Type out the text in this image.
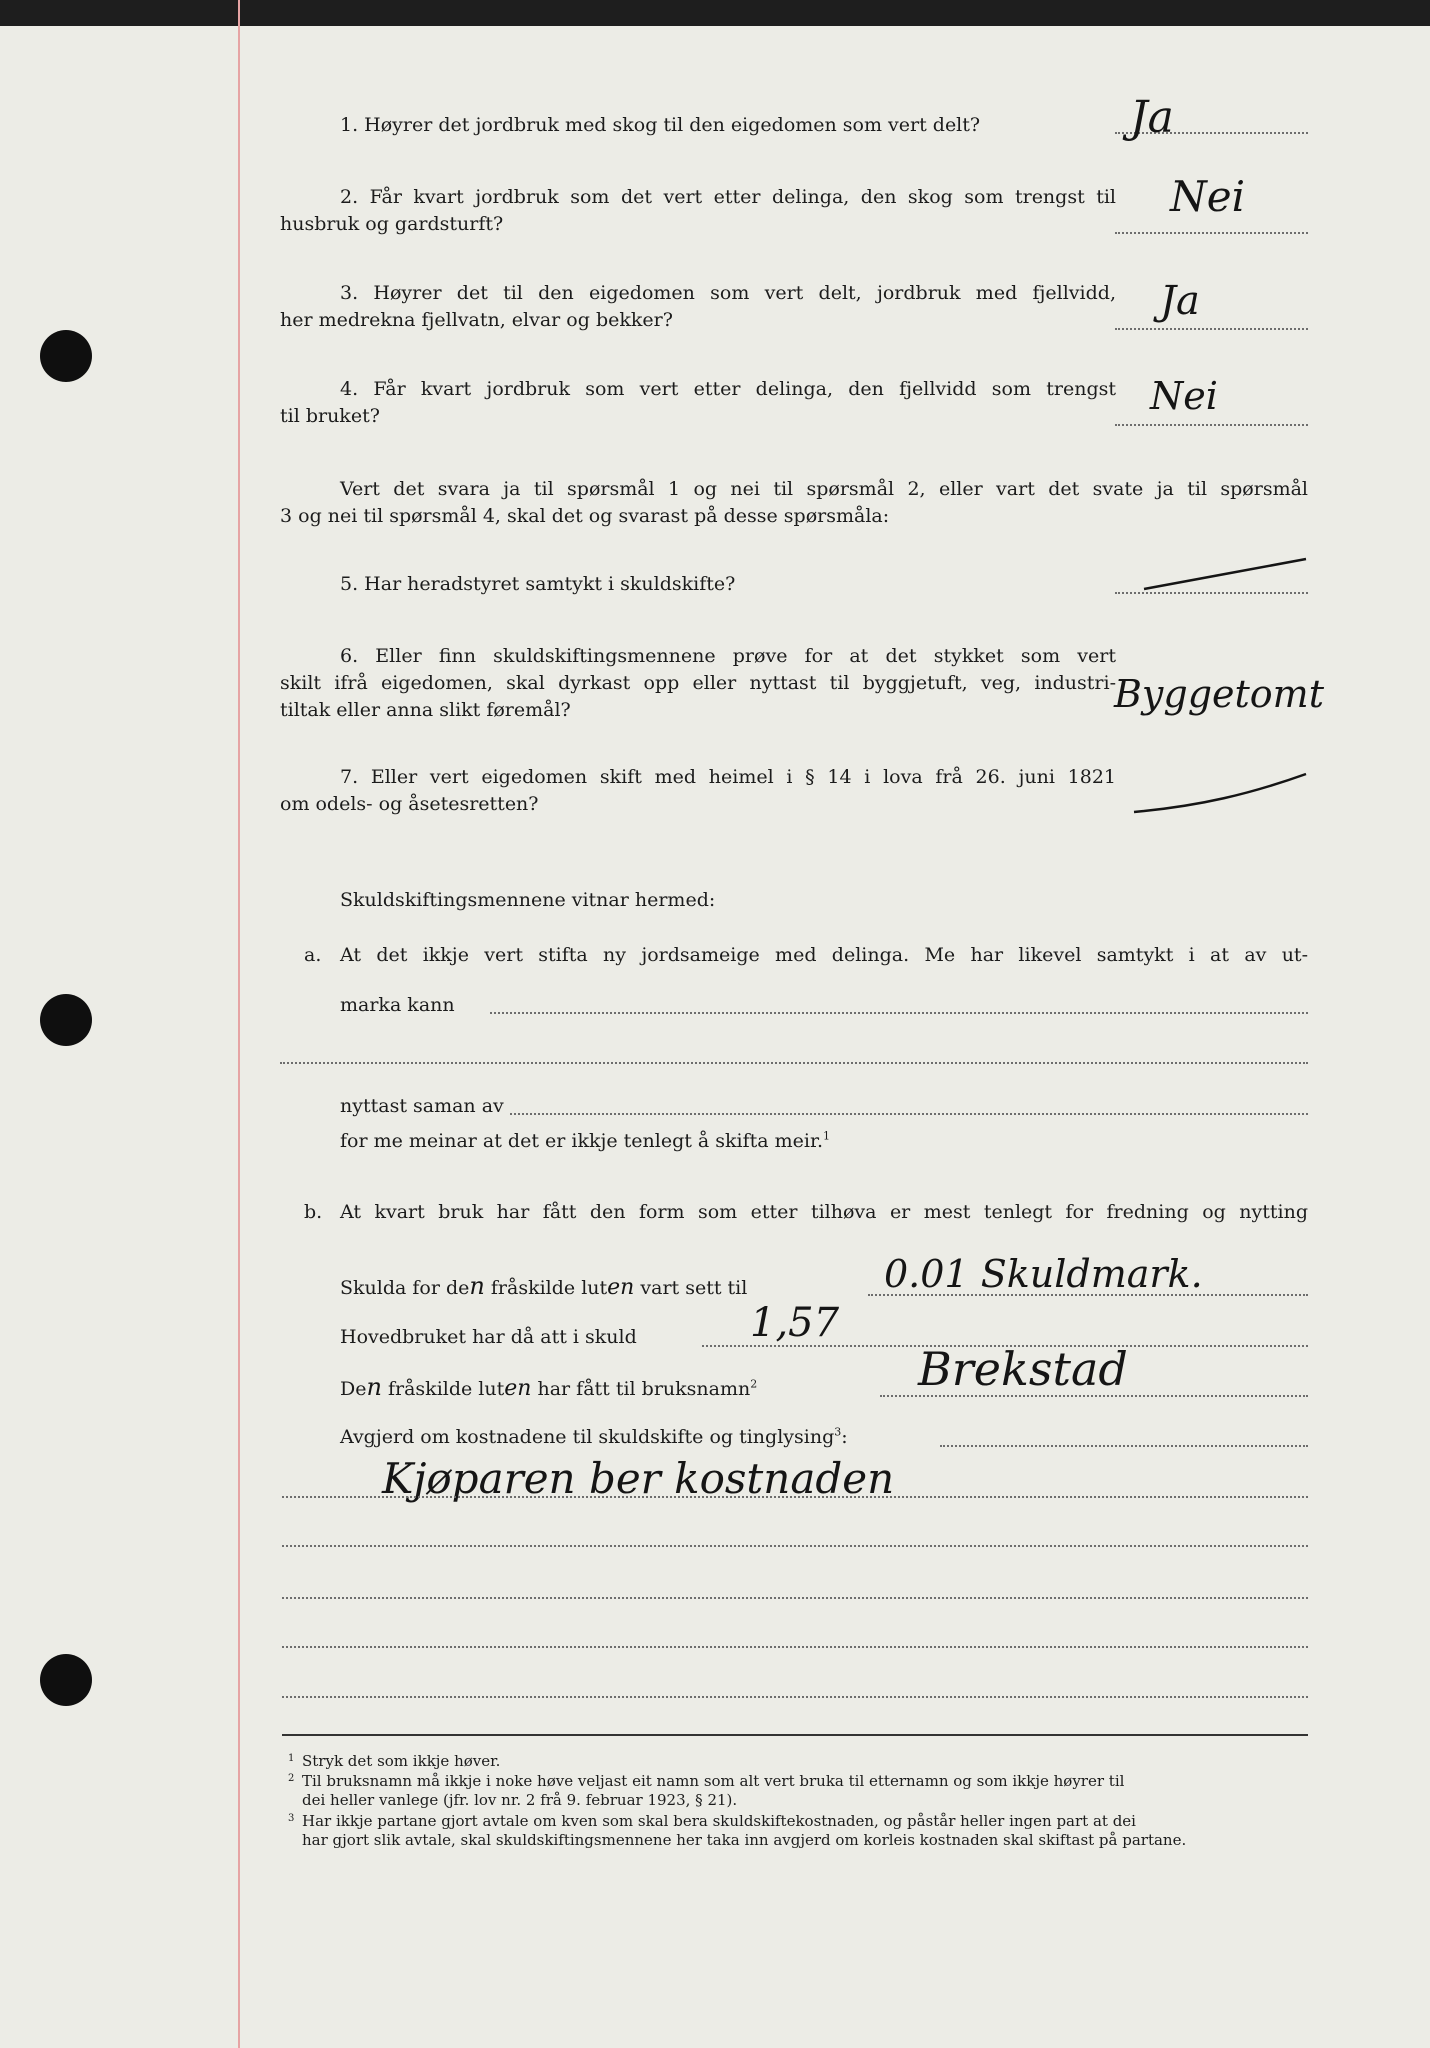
1. Høyrer det jordbruk med skog til den eigedomen som vert delt?	Ja
2. Får kvart jordbruk som det vert etter delinga, den skog som trengst til
husbruk og gardsturft?
Nei
3. Høyrer det til den eigedomen som vert delt, jordbruk med fjellvidd,
her medrekna fjellvatn, elvar og bekker?	Ja
4. Får kvart jordbruk som vert etter delinga, den fjellvidd som trengst
til bruket?	Nei
Vert det svara ja til spørsmål 1 og nei til spørsmål 2, eller vart det svate ja til spørsmål
3 og nei til spørsmål 4, skal det og svarast på desse spørsmåla:
5. Har heradstyret samtykt i skuldskifte?
6. Eller finn skuldskiftingsmennene prøve for at det stykket som vert
skilt ifrå eigedomen, skal dyrkast opp eller nyttast til byggjetuft, veg, industri-
tiltak eller anna slikt føremål?	Byggetomt
7. Eller vert eigedomen skift med heimel i § 14 i lova frå 26. juni 1821
om odels- og åsetesretten?
Skuldskiftingsmennene vitnar hermed:
a. At det ikkje vert stifta ny jordsameige med delinga. Me har likevel samtykt i at av ut-
marka kann
nyttast saman av
for me meinar at det er ikkje tenlegt å skifta meir.$^1$
b. At kvart bruk har fått den form som etter tilhøva er mest tenlegt for fredning og nytting
Skulda for den fråskilde luten vart sett til	0.01 Skuldmark.
Hovedbruket har då att i skuld	1,57
Den fråskilde luten har fått til bruksnamn$^2$	Brekstad
Avgjerd om kostnadene til skuldskifte og tinglysing$^3$:
Kjøparen ber kostnaden
1 Stryk det som ikkje høver.
2 Til bruksnamn må ikkje i noke høve veljast eit namn som alt vert bruka til etternamn og som ikkje høyrer til
dei heller vanlege (jfr. lov nr. 2 frå 9. februar 1923, § 21).
3 Har ikkje partane gjort avtale om kven som skal bera skuldskiftekostnaden, og påstår heller ingen part at dei
har gjort slik avtale, skal skuldskiftingsmennene her taka inn avgjerd om korleis kostnaden skal skiftast på partane.
